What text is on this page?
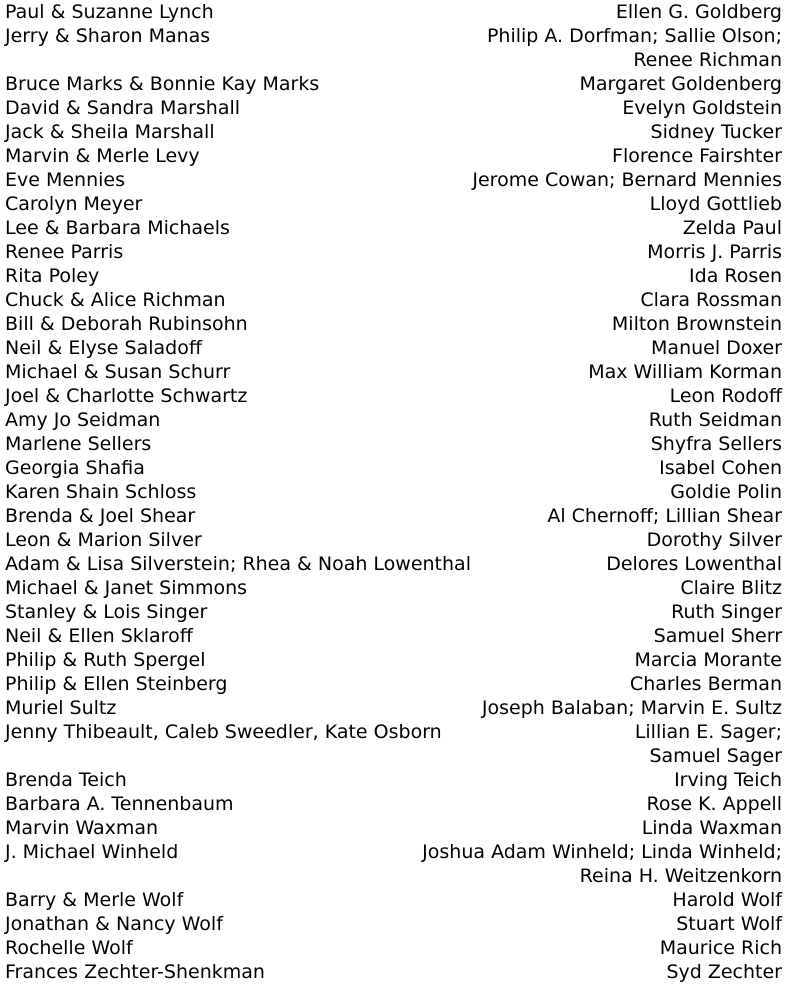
Paul & Suzanne Lynch	Ellen G. Goldberg
Jerry & Sharon Manas	Philip A. Dorfman; Sallie Olson;
Renee Richman
Bruce Marks & Bonnie Kay Marks	Margaret Goldenberg
David & Sandra Marshall	Evelyn Goldstein
Jack & Sheila Marshall	Sidney Tucker
Marvin & Merle Levy	Florence Fairshter
Eve Mennies	Jerome Cowan; Bernard Mennies
Carolyn Meyer	Lloyd Gottlieb
Lee & Barbara Michaels	Zelda Paul
Renee Parris	Morris J. Parris
Rita Poley	Ida Rosen
Chuck & Alice Richman	Clara Rossman
Bill & Deborah Rubinsohn	Milton Brownstein
Neil & Elyse Saladoff	Manuel Doxer
Michael & Susan Schurr	Max William Korman
Joel & Charlotte Schwartz	Leon Rodoff
Amy Jo Seidman	Ruth Seidman
Marlene Sellers	Shyfra Sellers
Georgia Shafia	Isabel Cohen
Karen Shain Schloss	Goldie Polin
Brenda & Joel Shear	Al Chernoff; Lillian Shear
Leon & Marion Silver	Dorothy Silver
Adam & Lisa Silverstein; Rhea & Noah Lowenthal	Delores Lowenthal
Michael & Janet Simmons	Claire Blitz
Stanley & Lois Singer	Ruth Singer
Neil & Ellen Sklaroff	Samuel Sherr
Philip & Ruth Spergel	Marcia Morante
Philip & Ellen Steinberg	Charles Berman
Muriel Sultz	Joseph Balaban; Marvin E. Sultz
Jenny Thibeault, Caleb Sweedler, Kate Osborn	Lillian E. Sager;
Samuel Sager
Brenda Teich	Irving Teich
Barbara A. Tennenbaum	Rose K. Appell
Marvin Waxman	Linda Waxman
J. Michael Winheld	Joshua Adam Winheld; Linda Winheld;
Reina H. Weitzenkorn
Barry & Merle Wolf	Harold Wolf
Jonathan & Nancy Wolf	Stuart Wolf
Rochelle Wolf	Maurice Rich
Frances Zechter-Shenkman	Syd Zechter
